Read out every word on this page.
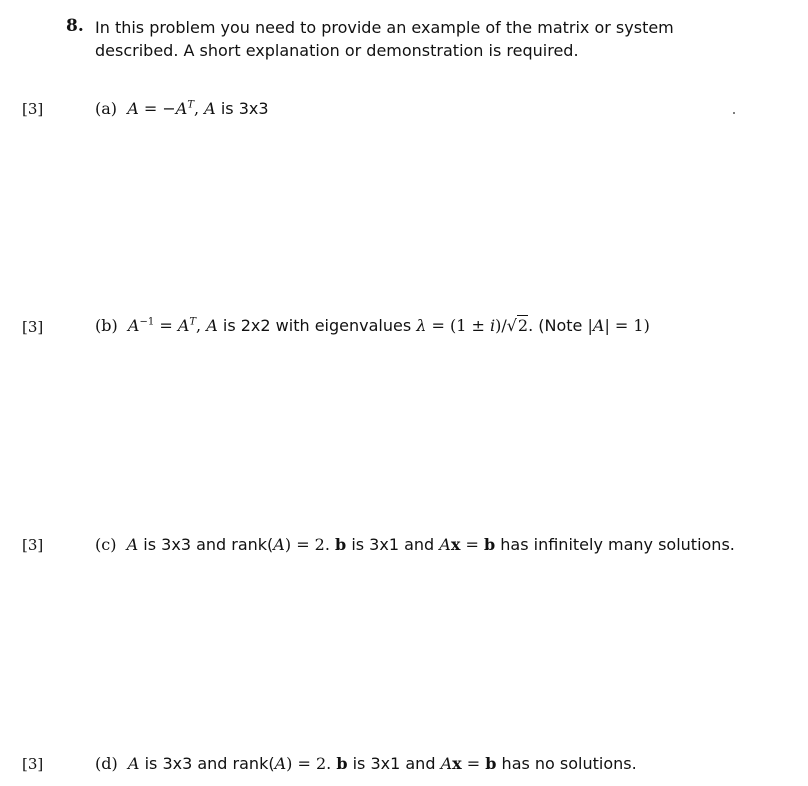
8. In this problem you need to provide an example of the matrix or system described. A short explanation or demonstration is required.
[3]	(a) $A = -A^T$, A is 3x3
[3]	(b) $A^{-1} = A^T$, A is 2x2 with eigenvalues λ = (1 ± i)/√2. (Note |A| = 1)
[3]	(c) A is 3x3 and rank(A) = 2. b is 3x1 and Ax = b has infinitely many solutions.
[3]	(d) A is 3x3 and rank(A) = 2. b is 3x1 and Ax = b has no solutions.
